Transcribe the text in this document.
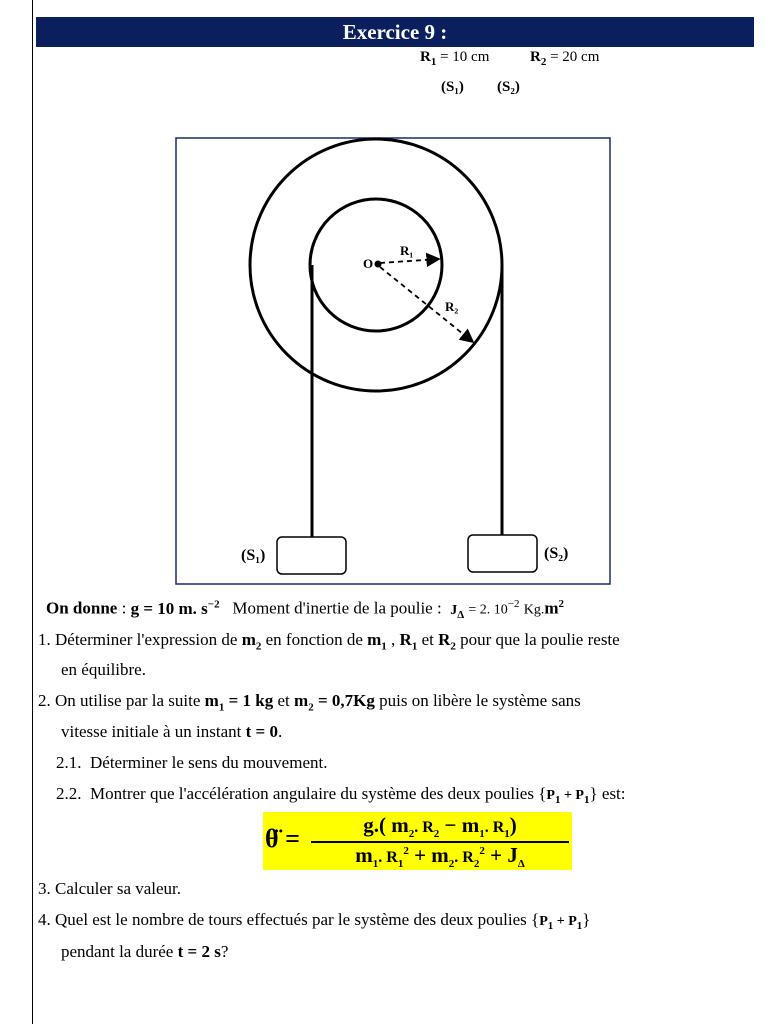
Exercice 9 :
$R_1 = 10$ cm	$R_2 = 20$ cm
(S₁) (S₂)
O
R₁
R₂
(S₁)	(S₂)
On donne : g = 10 m. $s^{-2}$ Moment d'inertie de la poulie : $J_\Delta = 2$. $10^{-2}$ $Kg.m^2$
1. Déterminer l'expression de $m_2$ en fonction de $m_1$ , $R_1$ et $R_2$ pour que la poulie reste
en équilibre.
2. On utilise par la suite $m_1 = 1$ kg et $m_2 = 0,7Kg$ puis on libère le système sans
vitesse initiale à un instant t = 0.
2.1. Déterminer le sens du mouvement.
2.2. Montrer que l'accélération angulaire du système des deux poulies $\{P_1 + P_1\}$ est:
θ̈ =	g.( $m_2$. $R_2 - m_1$. $R_1$)
$m_1$. $R_1^2 + m_2$. $R_2^2 + J_\Delta$
3. Calculer sa valeur.
4. Quel est le nombre de tours effectués par le système des deux poulies $\{P_1 + P_1\}$
pendant la durée t = 2 s?
